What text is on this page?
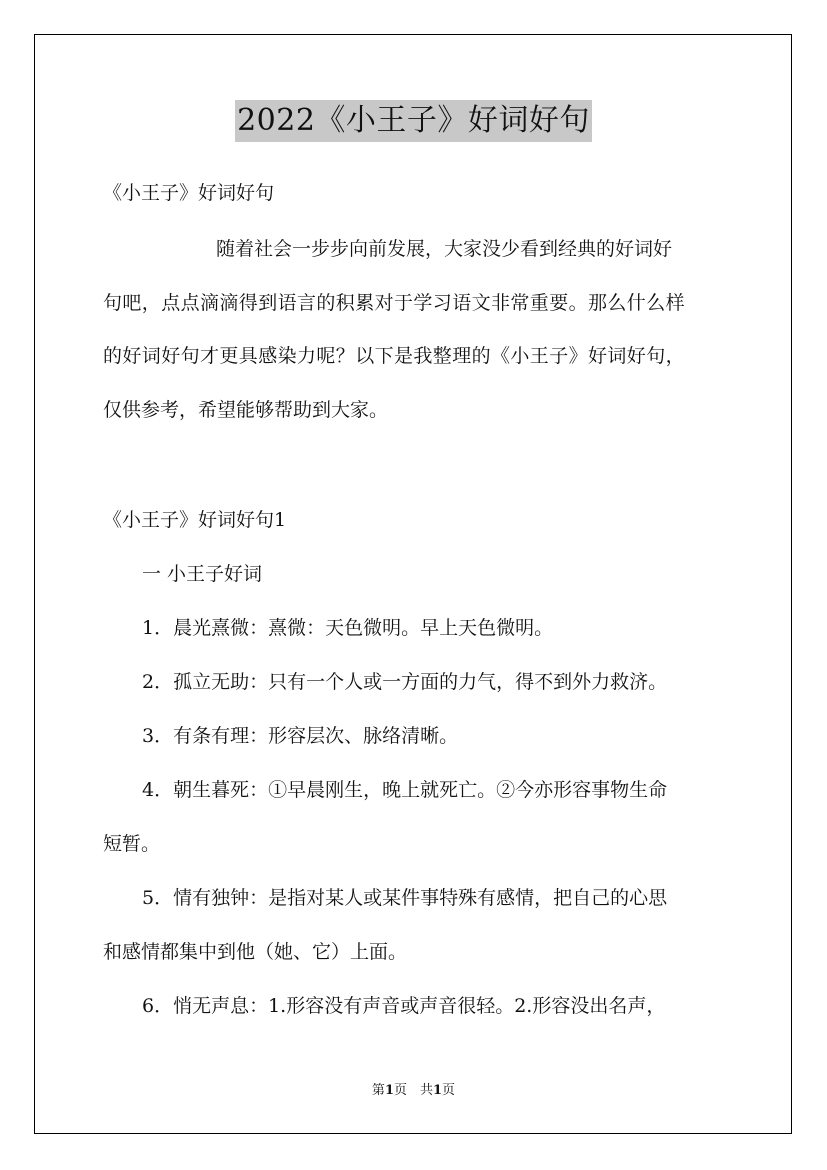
2022《小王子》好词好句
《小王子》好词好句
随着社会一步步向前发展，大家没少看到经典的好词好
句吧，点点滴滴得到语言的积累对于学习语文非常重要。那么什么样
的好词好句才更具感染力呢？以下是我整理的《小王子》好词好句，
仅供参考，希望能够帮助到大家。
《小王子》好词好句1
一 小王子好词
1．晨光熹微：熹微：天色微明。早上天色微明。
2．孤立无助：只有一个人或一方面的力气，得不到外力救济。
3．有条有理：形容层次、脉络清晰。
4．朝生暮死：①早晨刚生，晚上就死亡。②今亦形容事物生命
短暂。
5．情有独钟：是指对某人或某件事特殊有感情，把自己的心思
和感情都集中到他（她、它）上面。
6．悄无声息：1.形容没有声音或声音很轻。2.形容没出名声，
第1页　共1页
